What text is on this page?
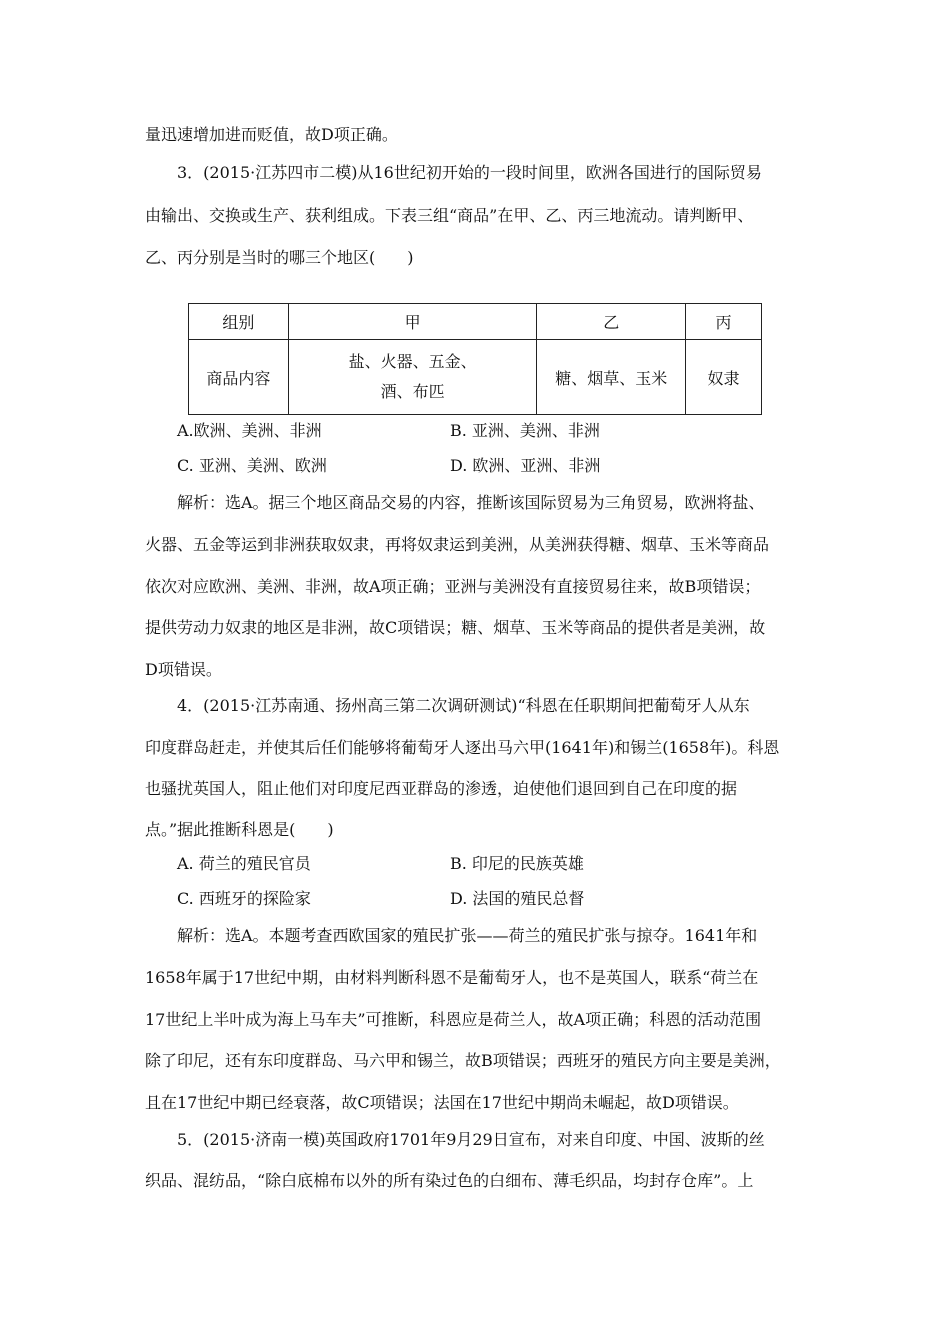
量迅速增加进而贬值，故D项正确。
3．(2015·江苏四市二模)从16世纪初开始的一段时间里，欧洲各国进行的国际贸易
由输出、交换或生产、获利组成。下表三组“商品”在甲、乙、丙三地流动。请判断甲、
乙、丙分别是当时的哪三个地区(　　)
组别	甲	乙	丙
商品内容	盐、火器、五金、
酒、布匹	糖、烟草、玉米	奴隶
A.欧洲、美洲、非洲	B. 亚洲、美洲、非洲
C. 亚洲、美洲、欧洲	D. 欧洲、亚洲、非洲
解析：选A。据三个地区商品交易的内容，推断该国际贸易为三角贸易，欧洲将盐、
火器、五金等运到非洲获取奴隶，再将奴隶运到美洲，从美洲获得糖、烟草、玉米等商品
依次对应欧洲、美洲、非洲，故A项正确；亚洲与美洲没有直接贸易往来，故B项错误；
提供劳动力奴隶的地区是非洲，故C项错误；糖、烟草、玉米等商品的提供者是美洲，故
D项错误。
4．(2015·江苏南通、扬州高三第二次调研测试)“科恩在任职期间把葡萄牙人从东
印度群岛赶走，并使其后任们能够将葡萄牙人逐出马六甲(1641年)和锡兰(1658年)。科恩
也骚扰英国人，阻止他们对印度尼西亚群岛的渗透，迫使他们退回到自己在印度的据
点。”据此推断科恩是(　　)
A. 荷兰的殖民官员	B. 印尼的民族英雄
C. 西班牙的探险家	D. 法国的殖民总督
解析：选A。本题考查西欧国家的殖民扩张——荷兰的殖民扩张与掠夺。1641年和
1658年属于17世纪中期，由材料判断科恩不是葡萄牙人，也不是英国人，联系“荷兰在
17世纪上半叶成为海上马车夫”可推断，科恩应是荷兰人，故A项正确；科恩的活动范围
除了印尼，还有东印度群岛、马六甲和锡兰，故B项错误；西班牙的殖民方向主要是美洲，
且在17世纪中期已经衰落，故C项错误；法国在17世纪中期尚未崛起，故D项错误。
5．(2015·济南一模)英国政府1701年9月29日宣布，对来自印度、中国、波斯的丝
织品、混纺品，“除白底棉布以外的所有染过色的白细布、薄毛织品，均封存仓库”。上
